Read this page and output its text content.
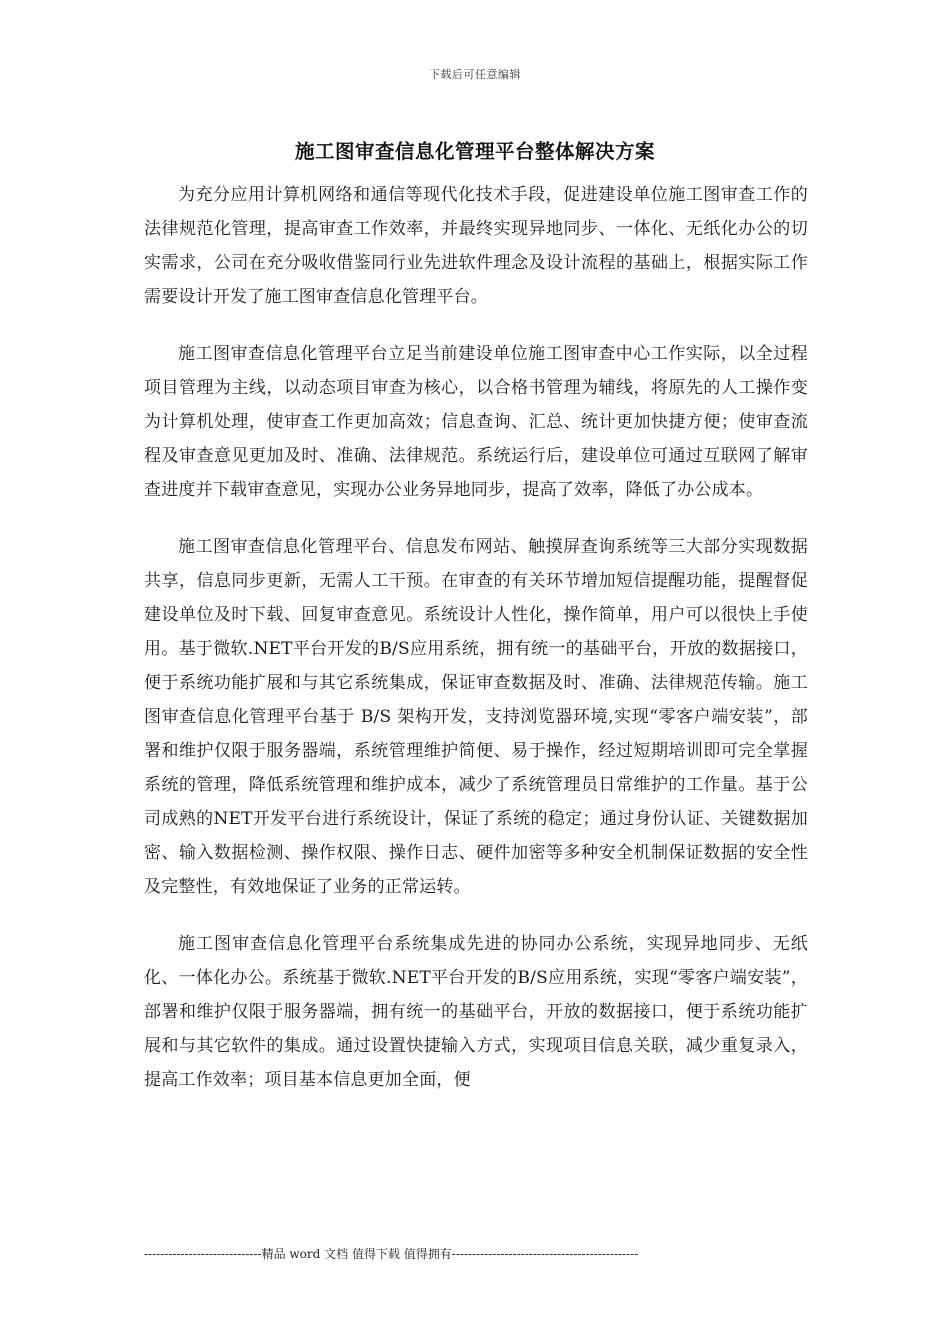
下载后可任意编辑
施工图审查信息化管理平台整体解决方案

为充分应用计算机网络和通信等现代化技术手段，促进建设单位施工图审查工作的法律规范化管理，提高审查工作效率，并最终实现异地同步、一体化、无纸化办公的切实需求，公司在充分吸收借鉴同行业先进软件理念及设计流程的基础上，根据实际工作需要设计开发了施工图审查信息化管理平台。

施工图审查信息化管理平台立足当前建设单位施工图审查中心工作实际，以全过程项目管理为主线，以动态项目审查为核心，以合格书管理为辅线，将原先的人工操作变为计算机处理，使审查工作更加高效；信息查询、汇总、统计更加快捷方便；使审查流程及审查意见更加及时、准确、法律规范。系统运行后，建设单位可通过互联网了解审查进度并下载审查意见，实现办公业务异地同步，提高了效率，降低了办公成本。

施工图审查信息化管理平台、信息发布网站、触摸屏查询系统等三大部分实现数据共享，信息同步更新，无需人工干预。在审查的有关环节增加短信提醒功能，提醒督促建设单位及时下载、回复审查意见。系统设计人性化，操作简单，用户可以很快上手使用。基于微软.NET平台开发的B/S应用系统，拥有统一的基础平台，开放的数据接口，便于系统功能扩展和与其它系统集成，保证审查数据及时、准确、法律规范传输。施工图审查信息化管理平台基于 B/S 架构开发，支持浏览器环境,实现“零客户端安装”，部署和维护仅限于服务器端，系统管理维护简便、易于操作，经过短期培训即可完全掌握系统的管理，降低系统管理和维护成本，减少了系统管理员日常维护的工作量。基于公司成熟的NET开发平台进行系统设计，保证了系统的稳定；通过身份认证、关键数据加密、输入数据检测、操作权限、操作日志、硬件加密等多种安全机制保证数据的安全性及完整性，有效地保证了业务的正常运转。

施工图审查信息化管理平台系统集成先进的协同办公系统，实现异地同步、无纸化、一体化办公。系统基于微软.NET平台开发的B/S应用系统，实现“零客户端安装”，部署和维护仅限于服务器端，拥有统一的基础平台，开放的数据接口，便于系统功能扩展和与其它软件的集成。通过设置快捷输入方式，实现项目信息关联，减少重复录入，提高工作效率；项目基本信息更加全面，便

-----------------------------精品 word 文档 值得下载 值得拥有----------------------------------------------
